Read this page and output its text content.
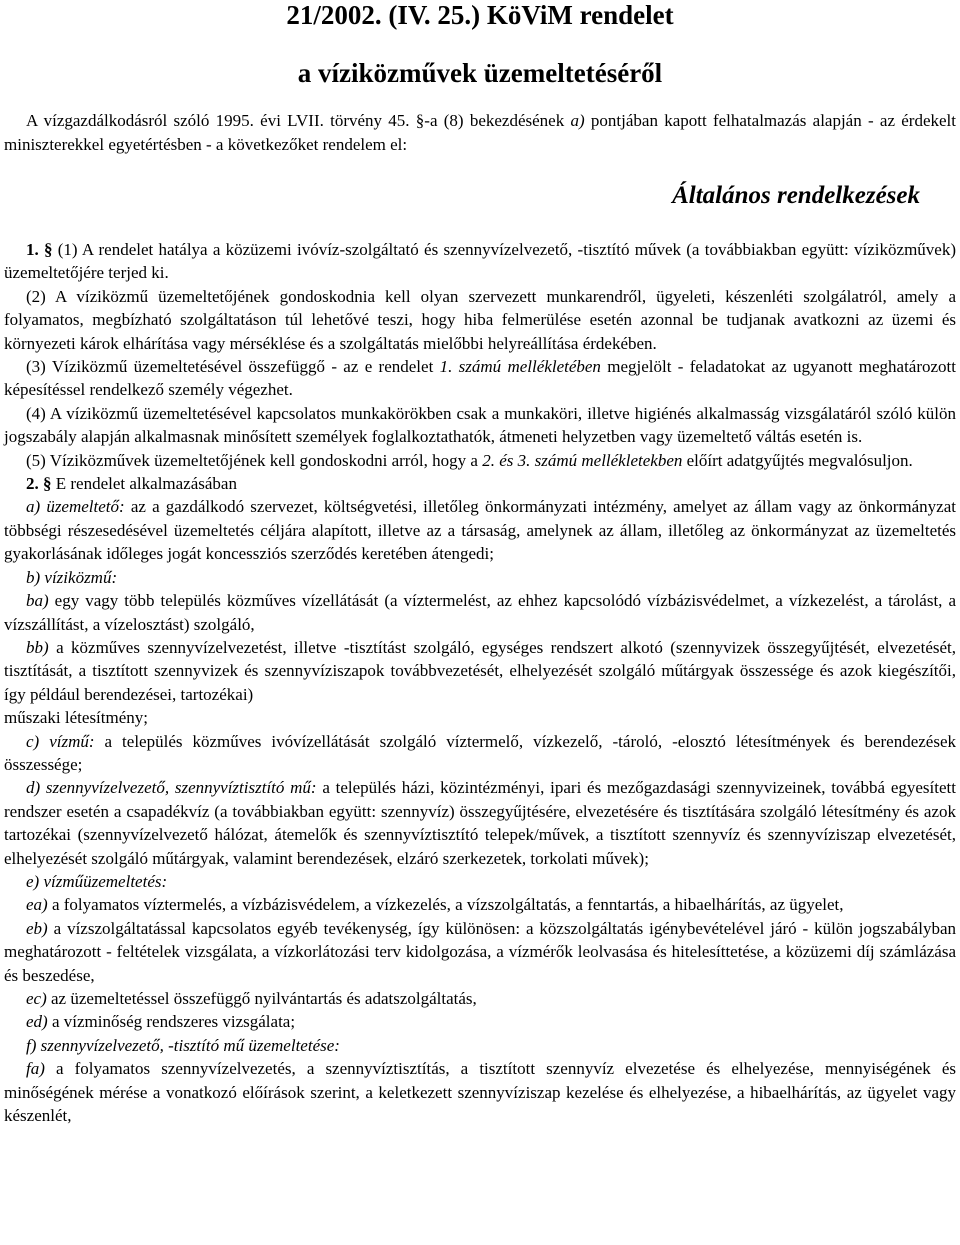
21/2002. (IV. 25.) KöViM rendelet
a víziközművek üzemeltetéséről

A vízgazdálkodásról szóló 1995. évi LVII. törvény 45. §-a (8) bekezdésének a) pontjában kapott felhatalmazás alapján - az érdekelt miniszterekkel egyetértésben - a következőket rendelem el:

Általános rendelkezések

1. § (1) A rendelet hatálya a közüzemi ivóvíz-szolgáltató és szennyvízelvezető, -tisztító művek (a továbbiakban együtt: víziközművek) üzemeltetőjére terjed ki.

(2) A víziközmű üzemeltetőjének gondoskodnia kell olyan szervezett munkarendről, ügyeleti, készenléti szolgálatról, amely a folyamatos, megbízható szolgáltatáson túl lehetővé teszi, hogy hiba felmerülése esetén azonnal be tudjanak avatkozni az üzemi és környezeti károk elhárítása vagy mérséklése és a szolgáltatás mielőbbi helyreállítása érdekében.

(3) Víziközmű üzemeltetésével összefüggő - az e rendelet 1. számú mellékletében megjelölt - feladatokat az ugyanott meghatározott képesítéssel rendelkező személy végezhet.

(4) A víziközmű üzemeltetésével kapcsolatos munkakörökben csak a munkaköri, illetve higiénés alkalmasság vizsgálatáról szóló külön jogszabály alapján alkalmasnak minősített személyek foglalkoztathatók, átmeneti helyzetben vagy üzemeltető váltás esetén is.

(5) Víziközművek üzemeltetőjének kell gondoskodni arról, hogy a 2. és 3. számú mellékletekben előírt adatgyűjtés megvalósuljon.

2. § E rendelet alkalmazásában

a) üzemeltető: az a gazdálkodó szervezet, költségvetési, illetőleg önkormányzati intézmény, amelyet az állam vagy az önkormányzat többségi részesedésével üzemeltetés céljára alapított, illetve az a társaság, amelynek az állam, illetőleg az önkormányzat az üzemeltetés gyakorlásának időleges jogát koncessziós szerződés keretében átengedi;

b) víziközmű:

ba) egy vagy több település közműves vízellátását (a víztermelést, az ehhez kapcsolódó vízbázisvédelmet, a vízkezelést, a tárolást, a vízszállítást, a vízelosztást) szolgáló,

bb) a közműves szennyvízelvezetést, illetve -tisztítást szolgáló, egységes rendszert alkotó (szennyvizek összegyűjtését, elvezetését, tisztítását, a tisztított szennyvizek és szennyvíziszapok továbbvezetését, elhelyezését szolgáló műtárgyak összessége és azok kiegészítői, így például berendezései, tartozékai)

műszaki létesítmény;

c) vízmű: a település közműves ivóvízellátását szolgáló víztermelő, vízkezelő, -tároló, -elosztó létesítmények és berendezések összessége;

d) szennyvízelvezető, szennyvíztisztító mű: a település házi, közintézményi, ipari és mezőgazdasági szennyvizeinek, továbbá egyesített rendszer esetén a csapadékvíz (a továbbiakban együtt: szennyvíz) összegyűjtésére, elvezetésére és tisztítására szolgáló létesítmény és azok tartozékai (szennyvízelvezető hálózat, átemelők és szennyvíztisztító telepek/művek, a tisztított szennyvíz és szennyvíziszap elvezetését, elhelyezését szolgáló műtárgyak, valamint berendezések, elzáró szerkezetek, torkolati művek);

e) vízműüzemeltetés:

ea) a folyamatos víztermelés, a vízbázisvédelem, a vízkezelés, a vízszolgáltatás, a fenntartás, a hibaelhárítás, az ügyelet,

eb) a vízszolgáltatással kapcsolatos egyéb tevékenység, így különösen: a közszolgáltatás igénybevételével járó - külön jogszabályban meghatározott - feltételek vizsgálata, a vízkorlátozási terv kidolgozása, a vízmérők leolvasása és hitelesíttetése, a közüzemi díj számlázása és beszedése,

ec) az üzemeltetéssel összefüggő nyilvántartás és adatszolgáltatás,

ed) a vízminőség rendszeres vizsgálata;

f) szennyvízelvezető, -tisztító mű üzemeltetése:

fa) a folyamatos szennyvízelvezetés, a szennyvíztisztítás, a tisztított szennyvíz elvezetése és elhelyezése, mennyiségének és minőségének mérése a vonatkozó előírások szerint, a keletkezett szennyvíziszap kezelése és elhelyezése, a hibaelhárítás, az ügyelet vagy készenlét,
